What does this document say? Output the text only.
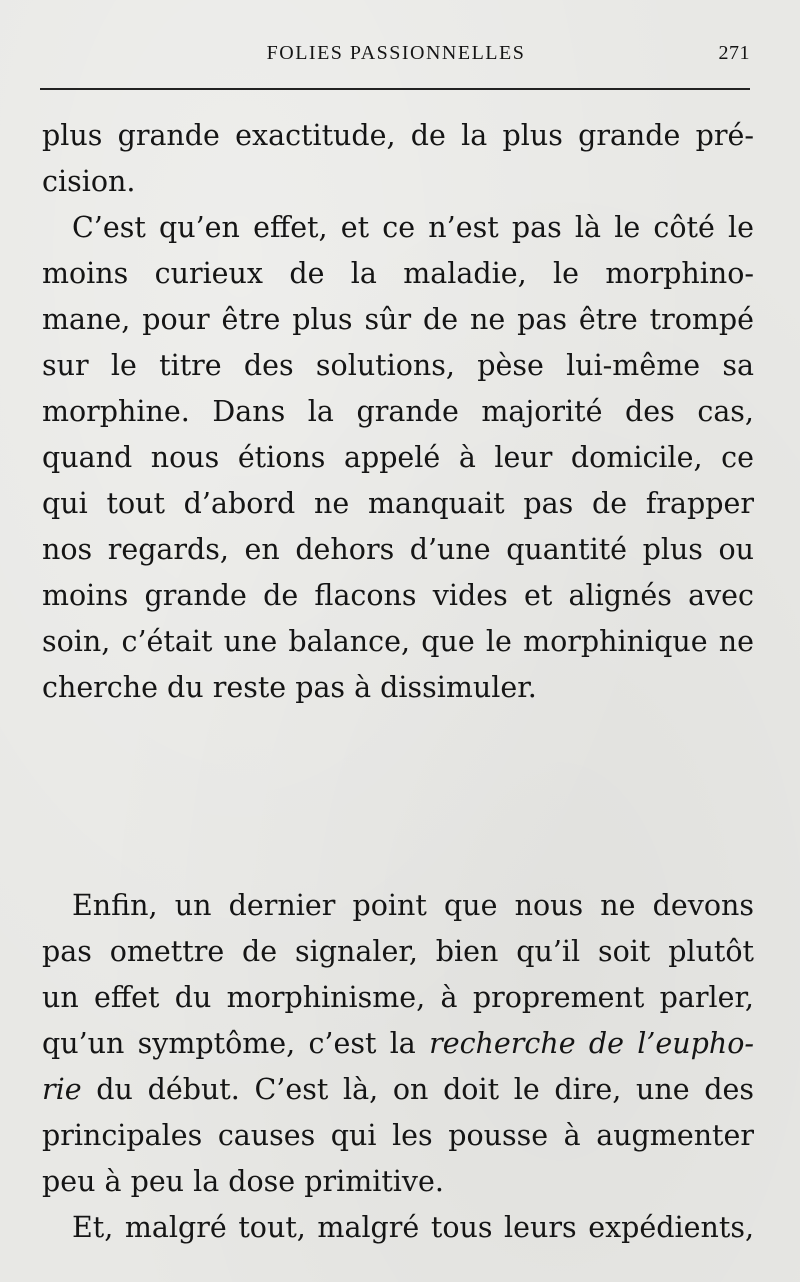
FOLIES PASSIONNELLES	271
plus grande exactitude, de la plus grande pré-
cision.
C’est qu’en effet, et ce n’est pas là le côté le
moins curieux de la maladie, le morphino-
mane, pour être plus sûr de ne pas être trompé
sur le titre des solutions, pèse lui-même sa
morphine. Dans la grande majorité des cas,
quand nous étions appelé à leur domicile, ce
qui tout d’abord ne manquait pas de frapper
nos regards, en dehors d’une quantité plus ou
moins grande de flacons vides et alignés avec
soin, c’était une balance, que le morphinique ne
cherche du reste pas à dissimuler.
Enfin, un dernier point que nous ne devons
pas omettre de signaler, bien qu’il soit plutôt
un effet du morphinisme, à proprement parler,
qu’un symptôme, c’est la recherche de l’eupho-
rie du début. C’est là, on doit le dire, une des
principales causes qui les pousse à augmenter
peu à peu la dose primitive.
Et, malgré tout, malgré tous leurs expédients,
